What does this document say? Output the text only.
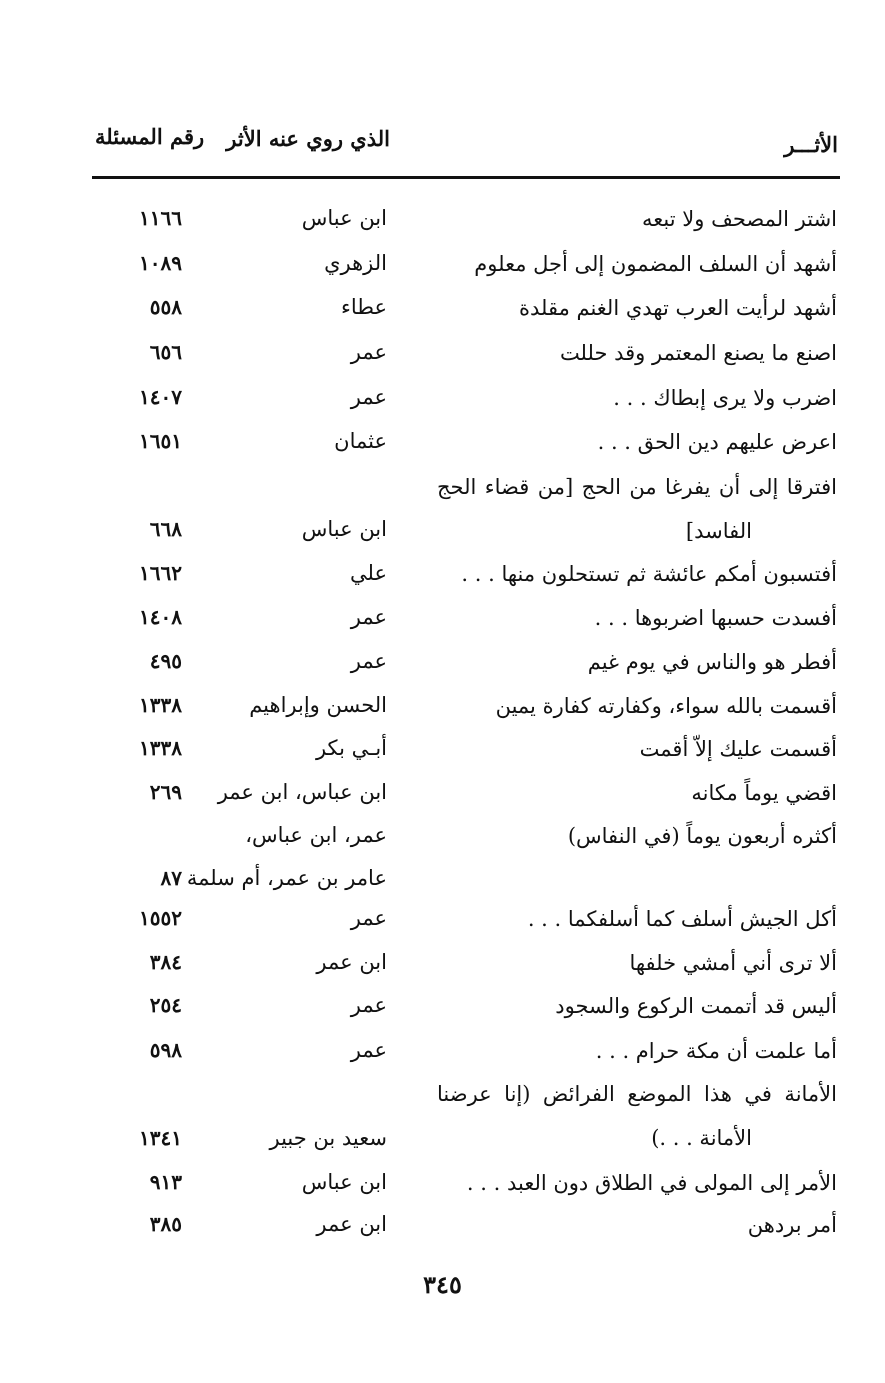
الأثـــر
الذي روي عنه الأثر
رقم المسئلة
اشتر المصحف ولا تبعه
ابن عباس
١١٦٦
أشهد أن السلف المضمون إلى أجل معلوم
الزهري
١٠٨٩
أشهد لرأيت العرب تهدي الغنم مقلدة
عطاء
٥٥٨
اصنع ما يصنع المعتمر وقد حللت
عمر
٦٥٦
اضرب ولا يرى إبطاك . . .
عمر
١٤٠٧
اعرض عليهم دين الحق . . .
عثمان
١٦٥١
افترقا إلى أن يفرغا من الحج [من قضاء الحج
الفاسد]
ابن عباس
٦٦٨
أفتسبون أمكم عائشة ثم تستحلون منها . . .
علي
١٦٦٢
أفسدت حسبها اضربوها . . .
عمر
١٤٠٨
أفطر هو والناس في يوم غيم
عمر
٤٩٥
أقسمت بالله سواء، وكفارته كفارة يمين
الحسن وإبراهيم
١٣٣٨
أقسمت عليك إلاّ أقمت
أبـي بكر
١٣٣٨
اقضي يوماً مكانه
ابن عباس، ابن عمر
٢٦٩
أكثره أربعون يوماً (في النفاس)
عمر، ابن عباس،
عامر بن عمر، أم سلمة
٨٧
أكل الجيش أسلف كما أسلفكما . . .
عمر
١٥٥٢
ألا ترى أني أمشي خلفها
ابن عمر
٣٨٤
أليس قد أتممت الركوع والسجود
عمر
٢٥٤
أما علمت أن مكة حرام . . .
عمر
٥٩٨
الأمانة في هذا الموضع الفرائض (إنا عرضنا
الأمانة . . .)
سعيد بن جبير
١٣٤١
الأمر إلى المولى في الطلاق دون العبد . . .
ابن عباس
٩١٣
أمر بردهن
ابن عمر
٣٨٥
٣٤٥
